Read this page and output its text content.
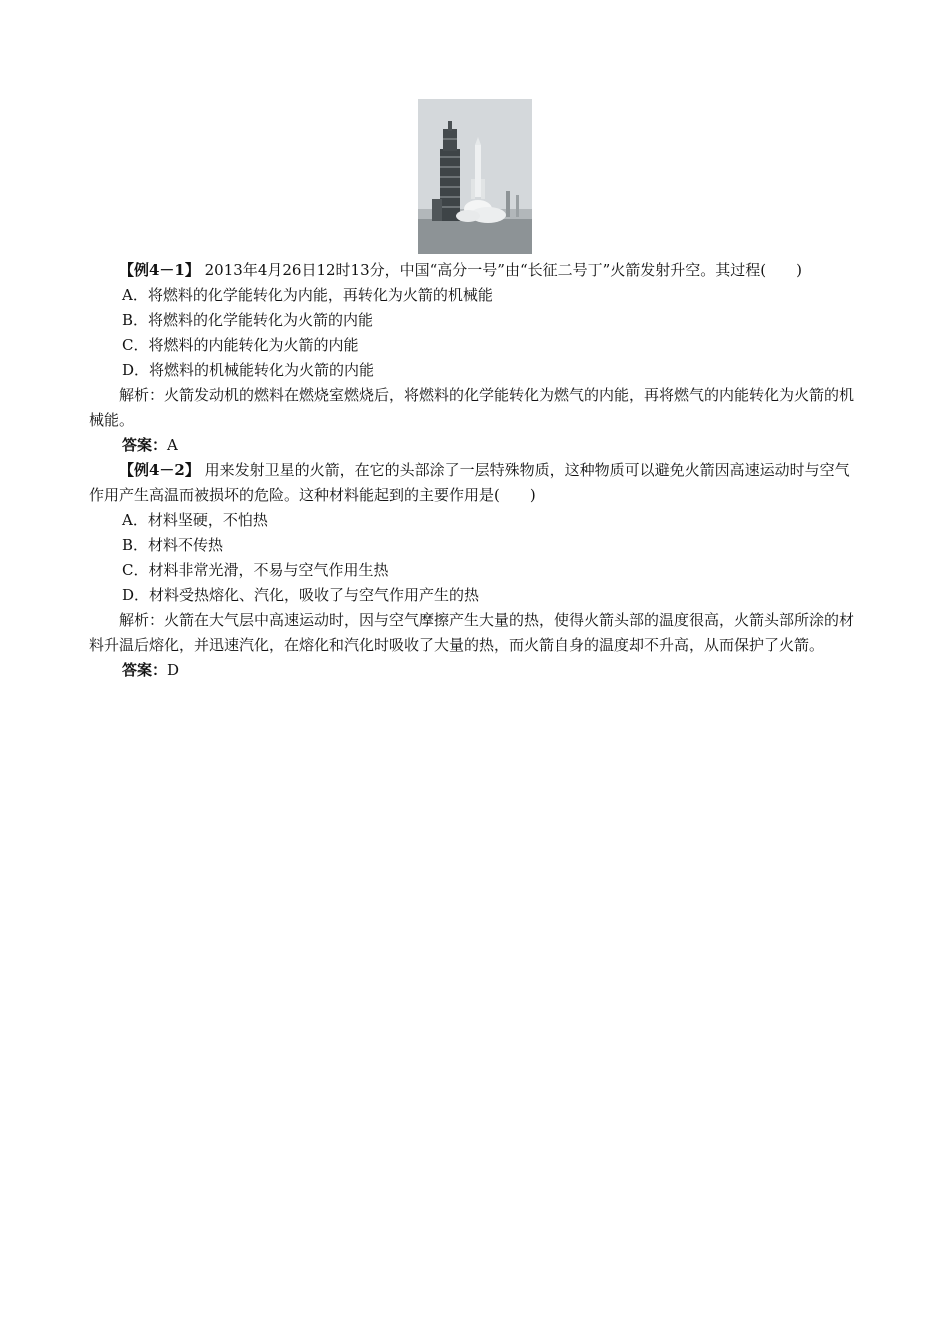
【例4－1】 2013年4月26日12时13分，中国“高分一号”由“长征二号丁”火箭发射升空。其过程(　　)

A．将燃料的化学能转化为内能，再转化为火箭的机械能

B．将燃料的化学能转化为火箭的内能

C．将燃料的内能转化为火箭的内能

D．将燃料的机械能转化为火箭的内能

解析：火箭发动机的燃料在燃烧室燃烧后，将燃料的化学能转化为燃气的内能，再将燃气的内能转化为火箭的机械能。

答案：A

【例4－2】 用来发射卫星的火箭，在它的头部涂了一层特殊物质，这种物质可以避免火箭因高速运动时与空气作用产生高温而被损坏的危险。这种材料能起到的主要作用是(　　)

A．材料坚硬，不怕热

B．材料不传热

C．材料非常光滑，不易与空气作用生热

D．材料受热熔化、汽化，吸收了与空气作用产生的热

解析：火箭在大气层中高速运动时，因与空气摩擦产生大量的热，使得火箭头部的温度很高，火箭头部所涂的材料升温后熔化，并迅速汽化，在熔化和汽化时吸收了大量的热，而火箭自身的温度却不升高，从而保护了火箭。

答案：D
